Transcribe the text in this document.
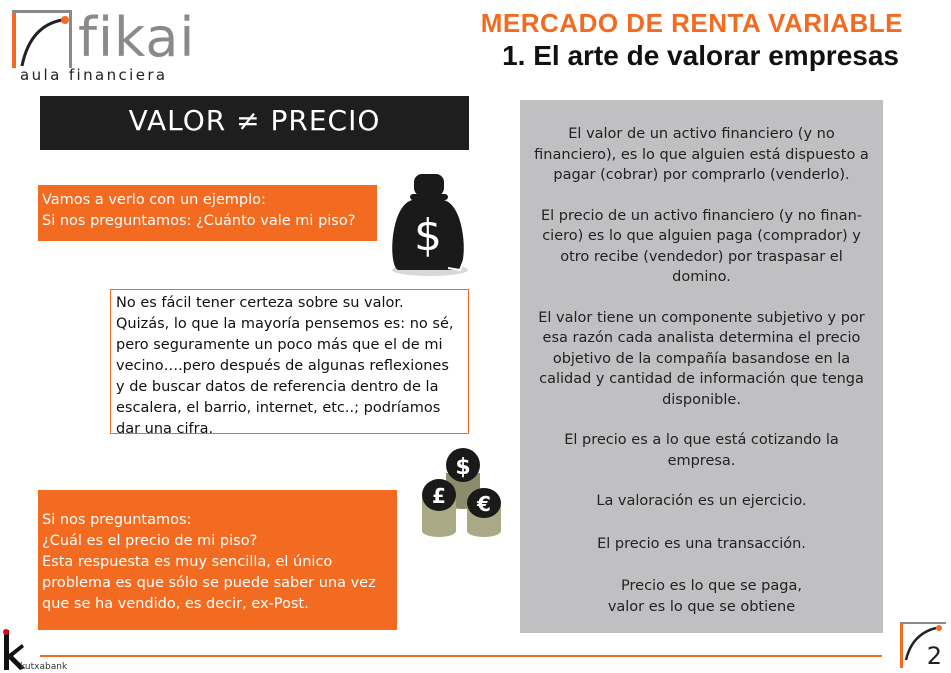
fikai
aula financiera
MERCADO DE RENTA VARIABLE
1. El arte de valorar empresas
VALOR ≠ PRECIO
Vamos a verlo con un ejemplo:
Si nos preguntamos: ¿Cuánto vale mi piso?	$
No es fácil tener certeza sobre su valor.
Quizás, lo que la mayoría pensemos es: no sé,
pero seguramente un poco más que el de mi
vecino….pero después de algunas reflexiones
y de buscar datos de referencia dentro de la
escalera, el barrio, internet, etc..; podríamos
dar una cifra.
$
£ €
Si nos preguntamos:
¿Cuál es el precio de mi piso?
Esta respuesta es muy sencilla, el único
problema es que sólo se puede saber una vez
que se ha vendido, es decir, ex-Post.

El valor de un activo financiero (y no
financiero), es lo que alguien está dispuesto a
pagar (cobrar) por comprarlo (venderlo).

El precio de un activo financiero (y no finan-
ciero) es lo que alguien paga (comprador) y
otro recibe (vendedor) por traspasar el
domino.

El valor tiene un componente subjetivo y por
esa razón cada analista determina el precio
objetivo de la compañía basandose en la
calidad y cantidad de información que tenga
disponible.

El precio es a lo que está cotizando la
empresa.

La valoración es un ejercicio.

El precio es una transacción.

Precio es lo que se paga,
valor es lo que se obtiene

kutxabank	2
